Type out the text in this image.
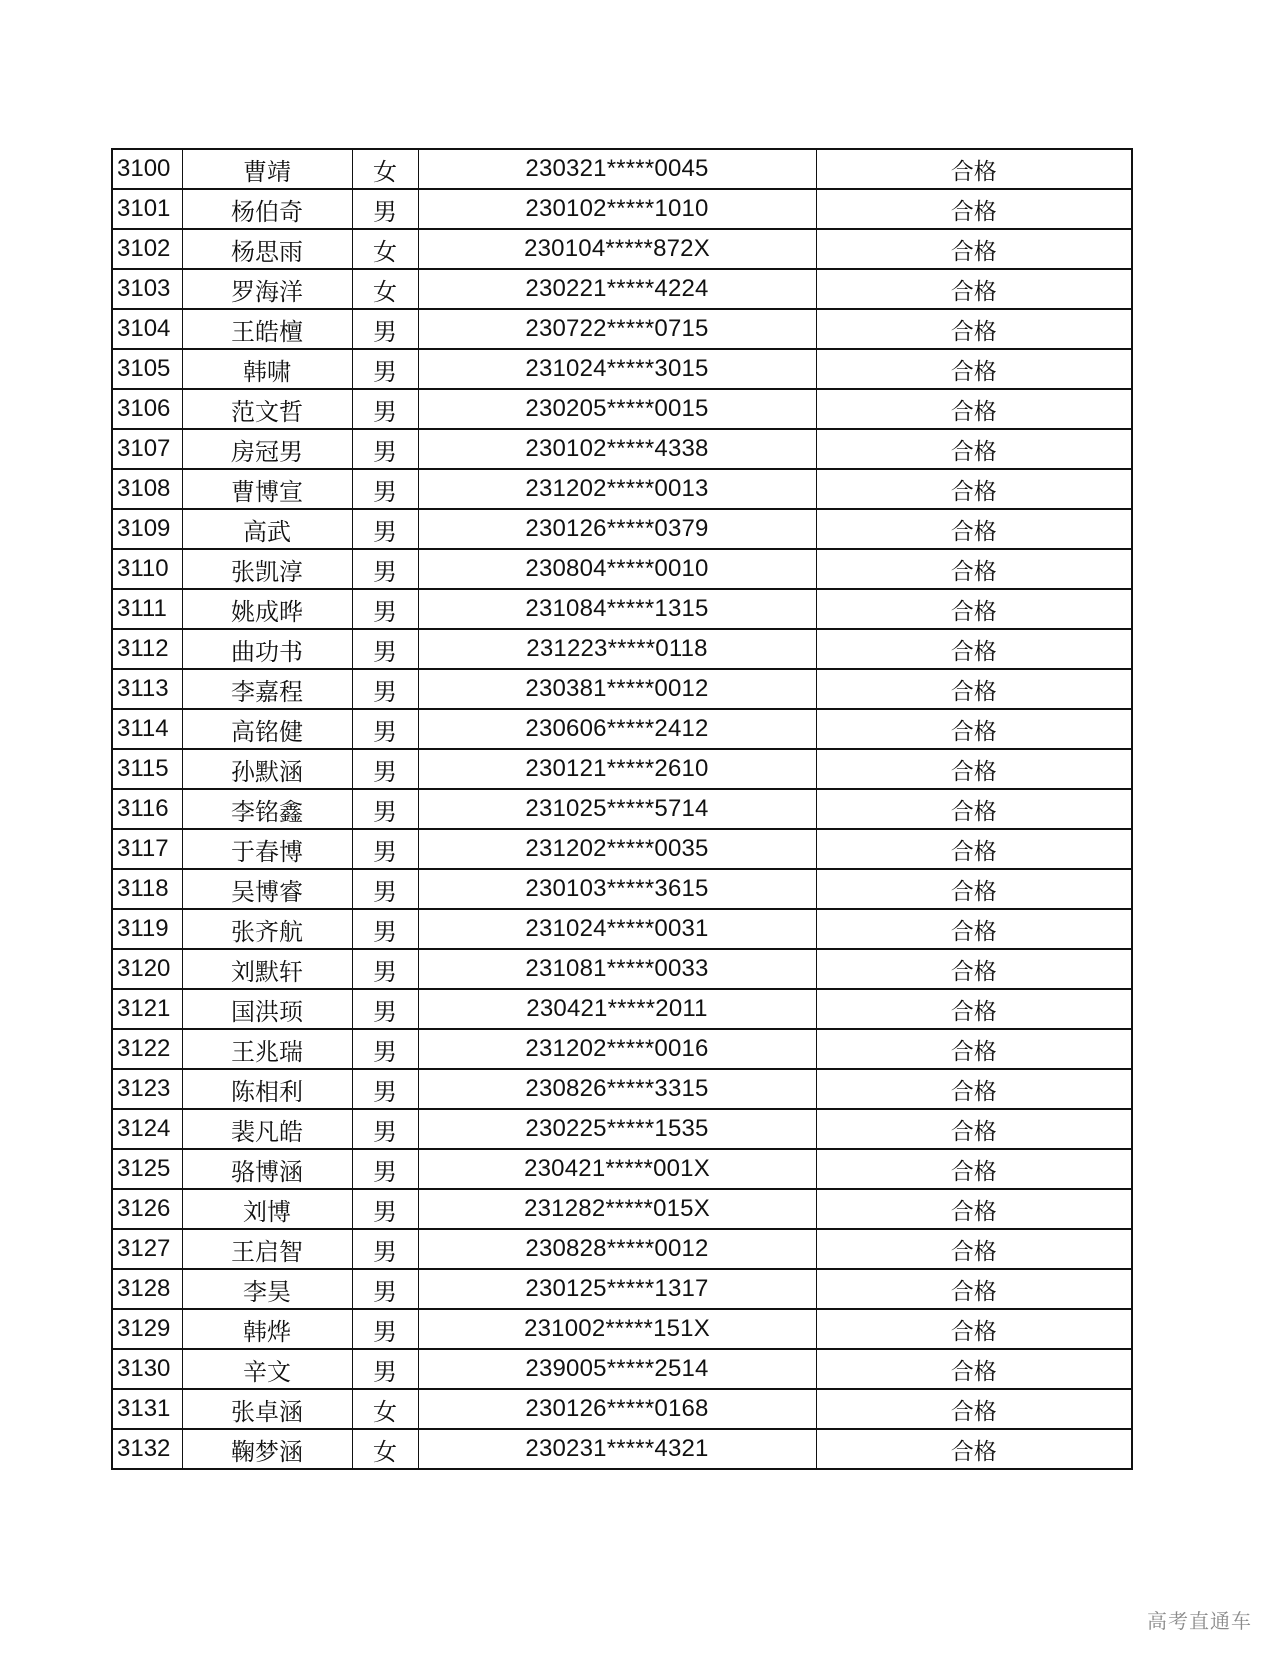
3100	曹靖	女	230321*****0045	合格
3101	杨伯奇	男	230102*****1010	合格
3102	杨思雨	女	230104*****872X	合格
3103	罗海洋	女	230221*****4224	合格
3104	王皓檀	男	230722*****0715	合格
3105	韩啸	男	231024*****3015	合格
3106	范文哲	男	230205*****0015	合格
3107	房冠男	男	230102*****4338	合格
3108	曹博宣	男	231202*****0013	合格
3109	高武	男	230126*****0379	合格
3110	张凯淳	男	230804*****0010	合格
3111	姚成晔	男	231084*****1315	合格
3112	曲功书	男	231223*****0118	合格
3113	李嘉程	男	230381*****0012	合格
3114	高铭健	男	230606*****2412	合格
3115	孙默涵	男	230121*****2610	合格
3116	李铭鑫	男	231025*****5714	合格
3117	于春博	男	231202*****0035	合格
3118	吴博睿	男	230103*****3615	合格
3119	张齐航	男	231024*****0031	合格
3120	刘默轩	男	231081*****0033	合格
3121	国洪顼	男	230421*****2011	合格
3122	王兆瑞	男	231202*****0016	合格
3123	陈相利	男	230826*****3315	合格
3124	裴凡皓	男	230225*****1535	合格
3125	骆博涵	男	230421*****001X	合格
3126	刘博	男	231282*****015X	合格
3127	王启智	男	230828*****0012	合格
3128	李昊	男	230125*****1317	合格
3129	韩烨	男	231002*****151X	合格
3130	辛文	男	239005*****2514	合格
3131	张卓涵	女	230126*****0168	合格
3132	鞠梦涵	女	230231*****4321	合格
高考直通车
